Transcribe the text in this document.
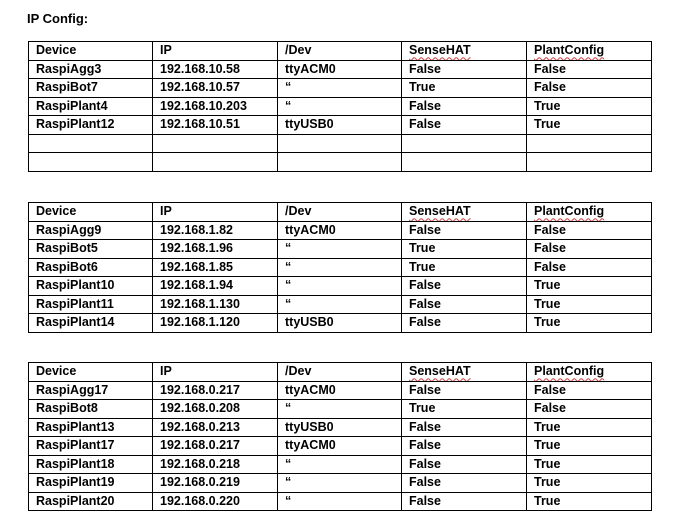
IP Config:
Device	IP	/Dev	SenseHAT	PlantConfig
RaspiAgg3	192.168.10.58	ttyACM0	False	False
RaspiBot7	192.168.10.57	“	True	False
RaspiPlant4	192.168.10.203	“	False	True
RaspiPlant12	192.168.10.51	ttyUSB0	False	True

Device	IP	/Dev	SenseHAT	PlantConfig
RaspiAgg9	192.168.1.82	ttyACM0	False	False
RaspiBot5	192.168.1.96	“	True	False
RaspiBot6	192.168.1.85	“	True	False
RaspiPlant10	192.168.1.94	“	False	True
RaspiPlant11	192.168.1.130	“	False	True
RaspiPlant14	192.168.1.120	ttyUSB0	False	True
Device	IP	/Dev	SenseHAT	PlantConfig
RaspiAgg17	192.168.0.217	ttyACM0	False	False
RaspiBot8	192.168.0.208	“	True	False
RaspiPlant13	192.168.0.213	ttyUSB0	False	True
RaspiPlant17	192.168.0.217	ttyACM0	False	True
RaspiPlant18	192.168.0.218	“	False	True
RaspiPlant19	192.168.0.219	“	False	True
RaspiPlant20	192.168.0.220	“	False	True
